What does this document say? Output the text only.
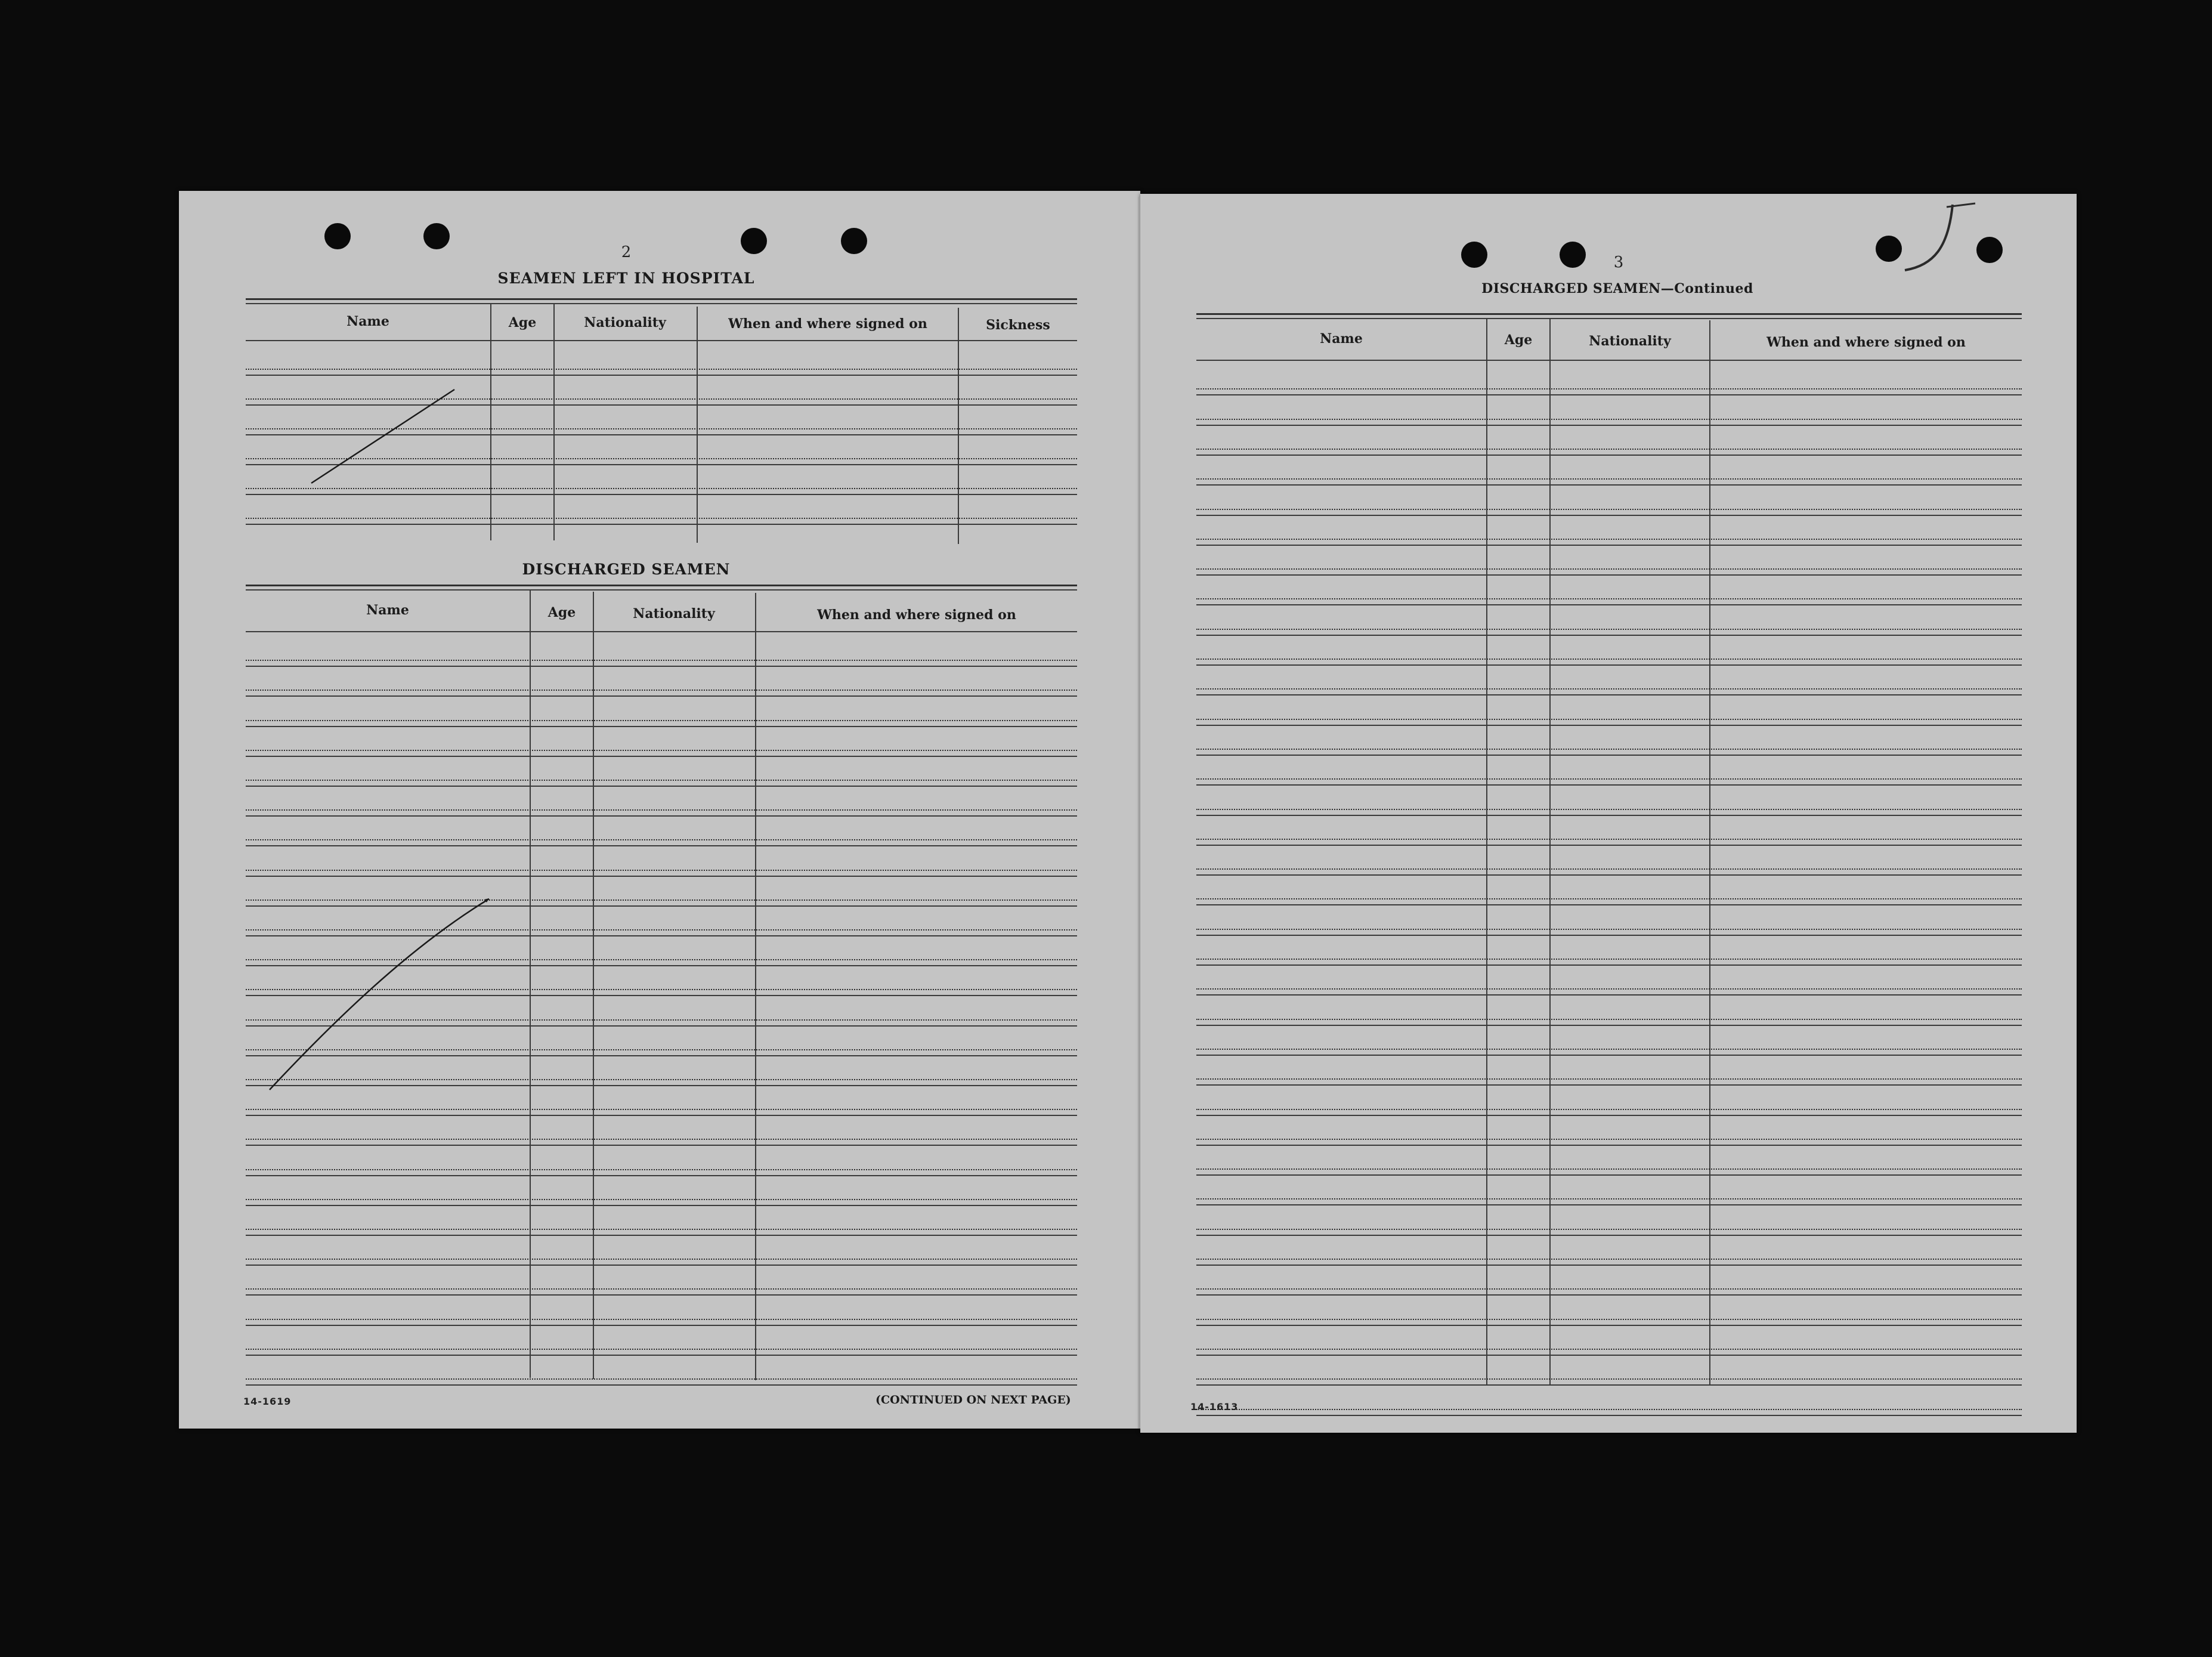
2
SEAMEN LEFT IN HOSPITAL
Name	Age	Nationality	When and where signed on	Sickness
DISCHARGED SEAMEN
Name	Age	Nationality	When and where signed on
14-1619	(CONTINUED ON NEXT PAGE)
3
DISCHARGED SEAMEN—Continued
Name	Age	Nationality	When and where signed on
14-1613
